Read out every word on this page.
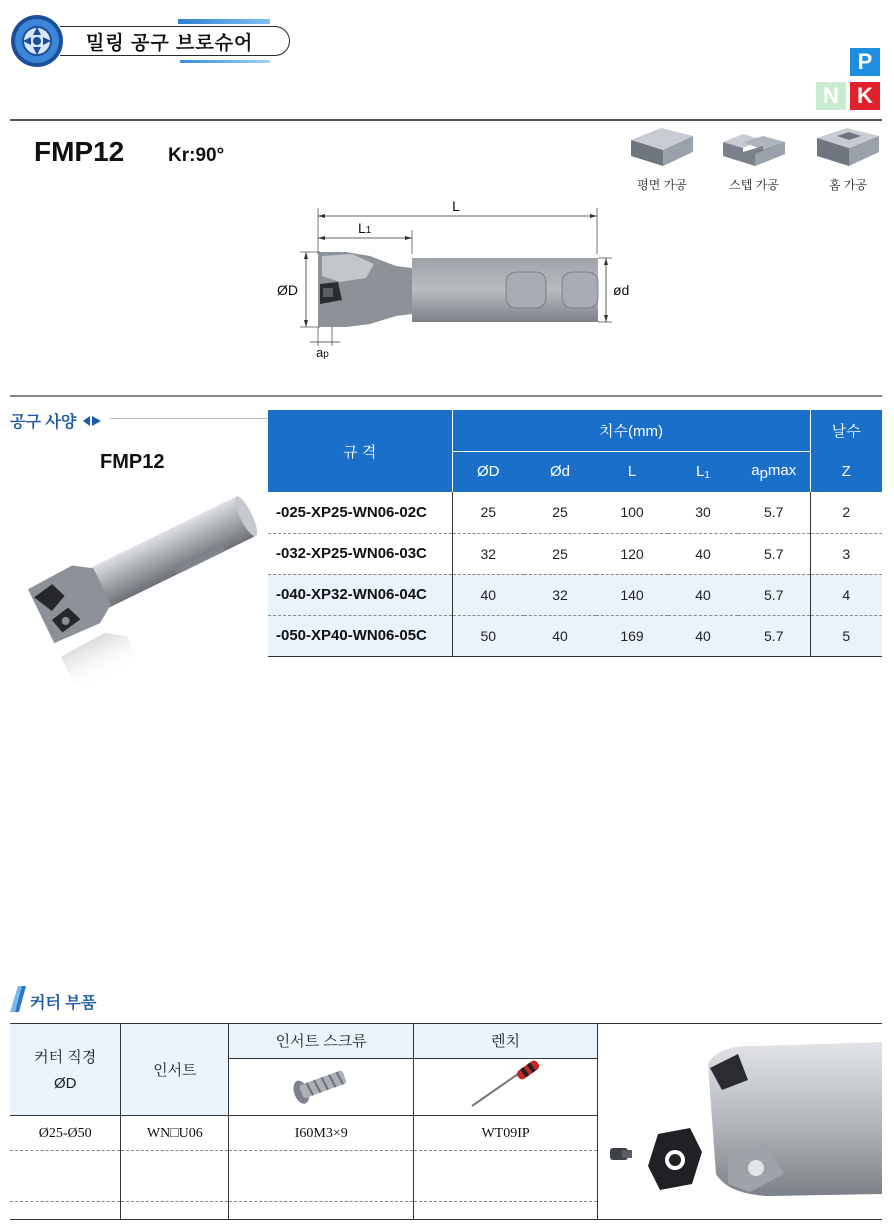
밀링 공구 브로슈어
P
N K
FMP12 Kr:90°
평면 가공	스텝 가공	홈 가공
L
L1
ØD	ød
ap
공구 사양
FMP12	규 격	치수(mm)					날수
	ØD	Ød	L	L1	apmax	Z
-025-XP25-WN06-02C	25	25	100	30	5.7	2
-032-XP25-WN06-03C	32	25	120	40	5.7	3
-040-XP32-WN06-04C	40	32	140	40	5.7	4
-050-XP40-WN06-05C	50	40	169	40	5.7	5
커터 부품
커터 직경
ØD	인서트	인서트 스크류	렌치	

Ø25-Ø50	WN□U06	I60M3×9	WT09IP	
